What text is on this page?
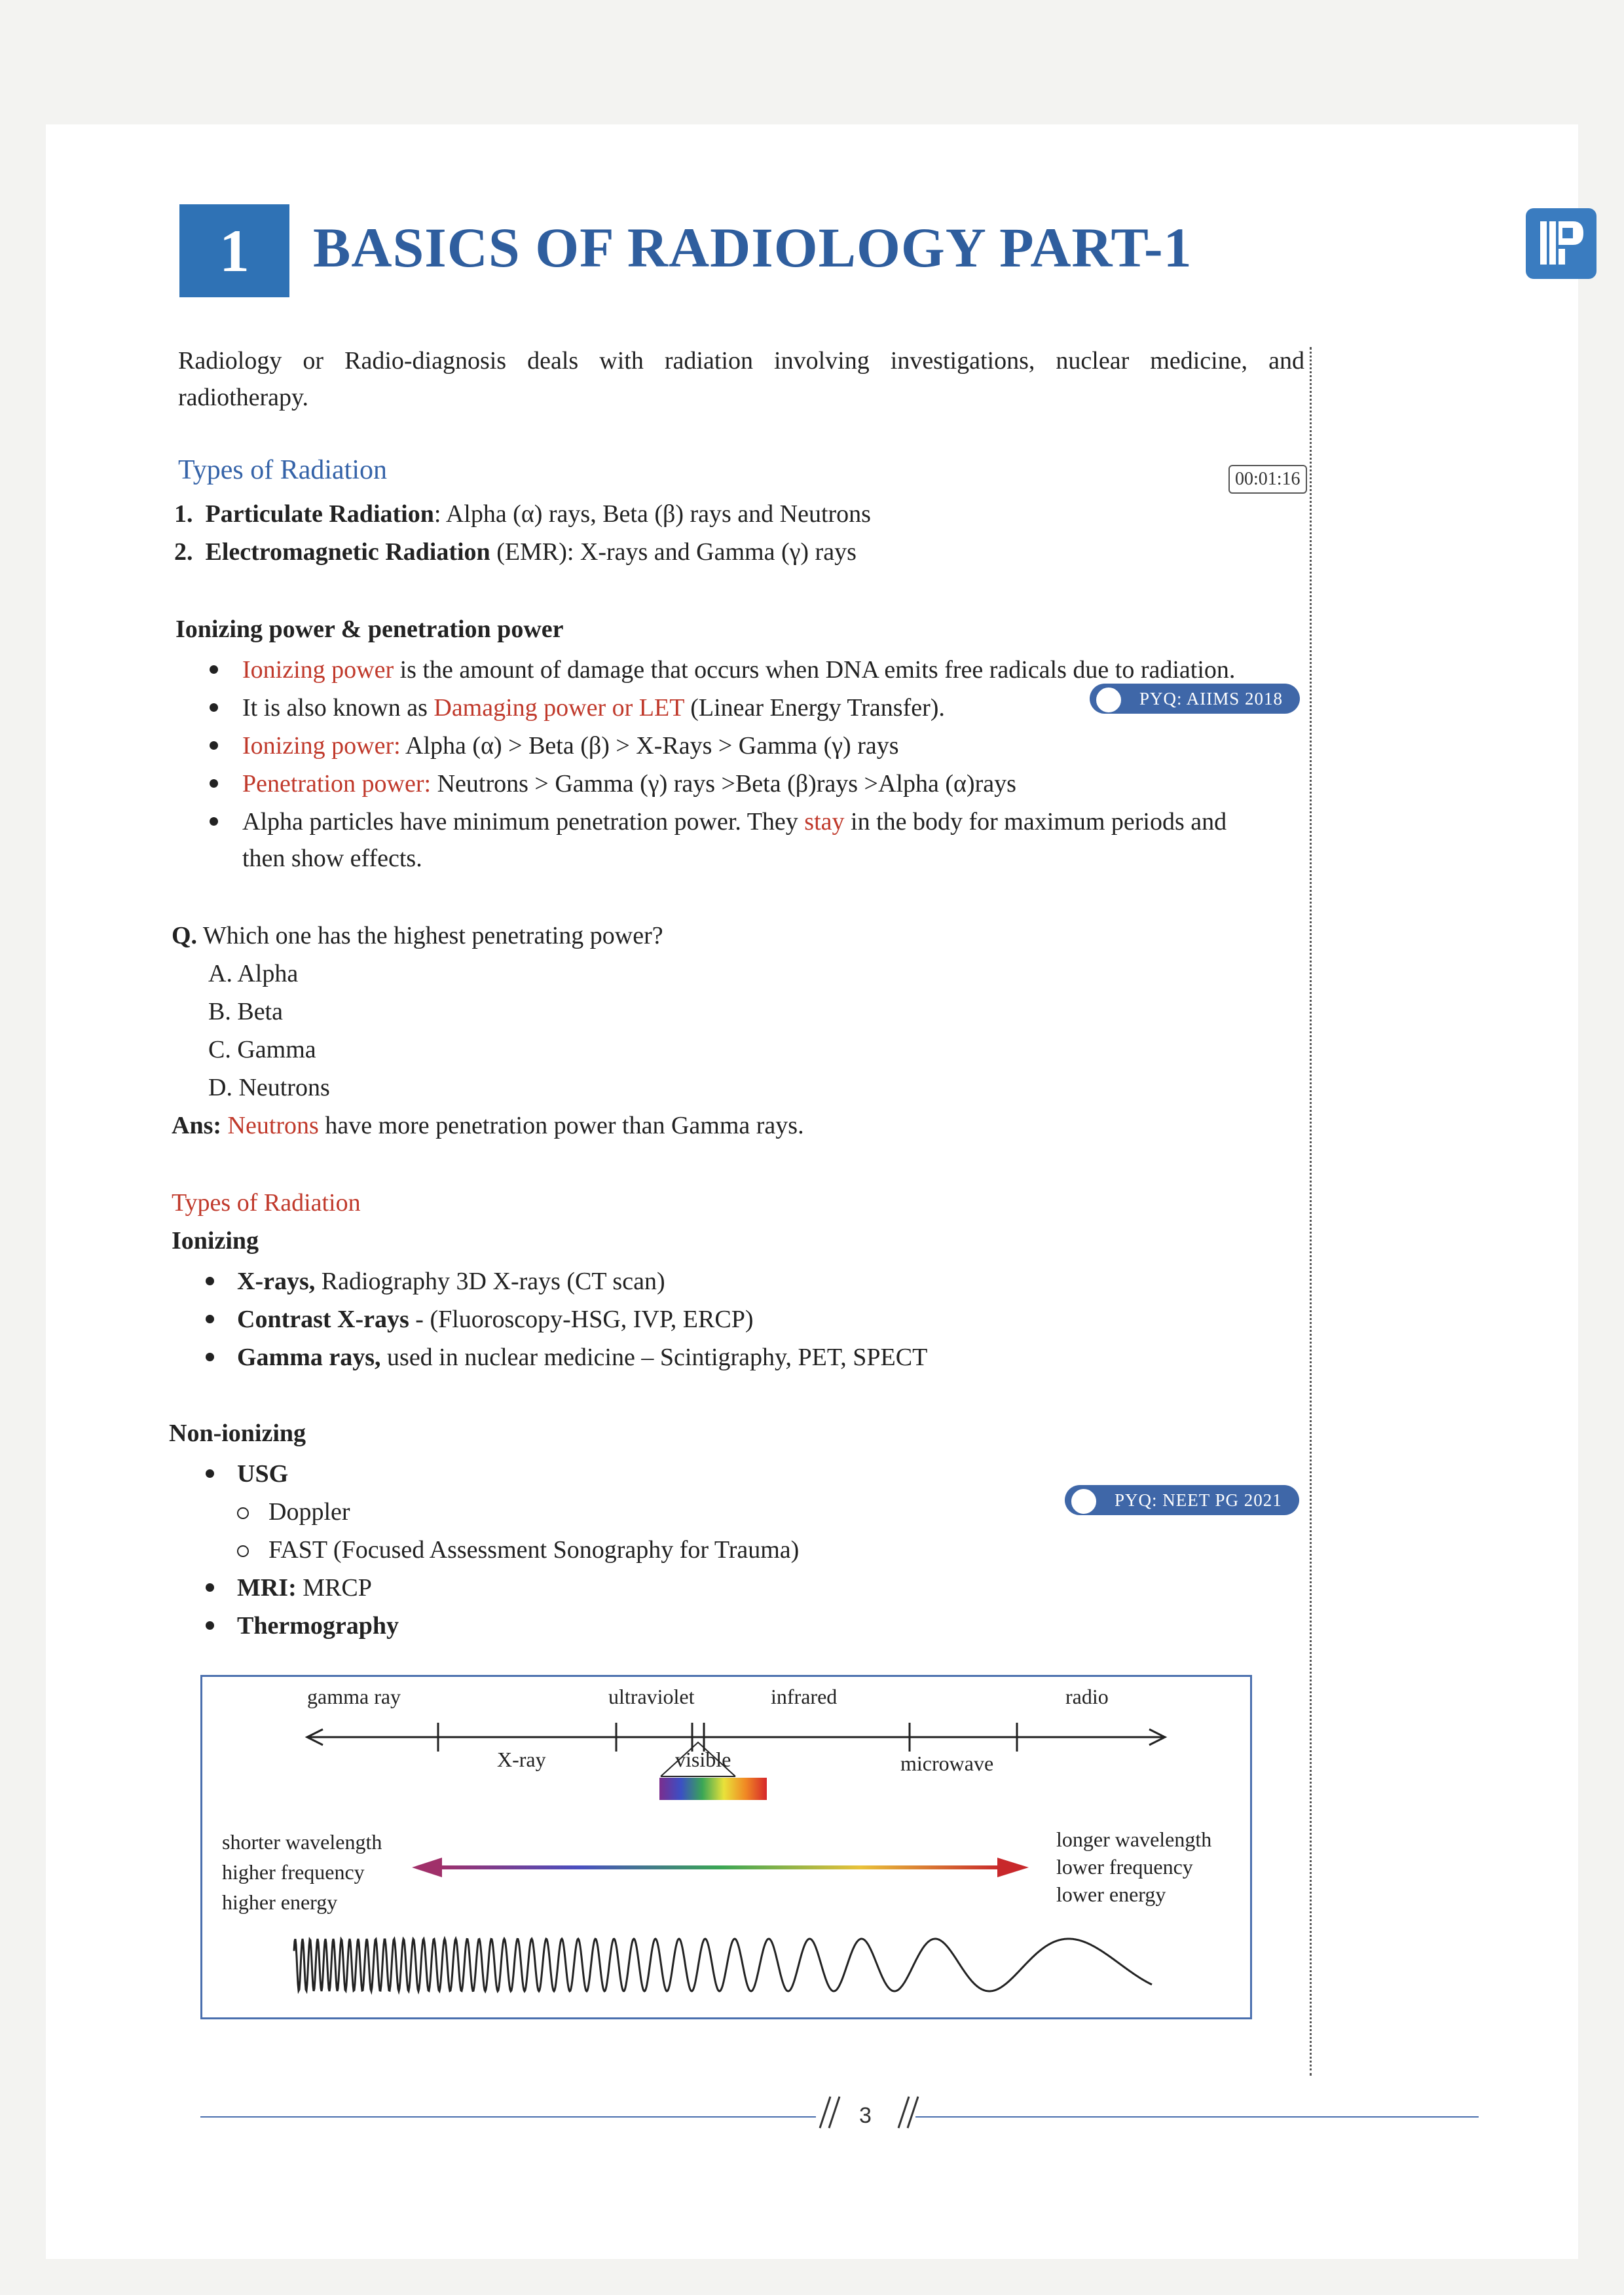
1	BASICS OF RADIOLOGY PART-1
Radiology or Radio-diagnosis deals with radiation involving investigations, nuclear medicine, and
radiotherapy.
Types of Radiation	00:01:16
1. Particulate Radiation: Alpha (α) rays, Beta (β) rays and Neutrons
2. Electromagnetic Radiation (EMR): X-rays and Gamma (γ) rays
Ionizing power & penetration power
Ionizing power is the amount of damage that occurs when DNA emits free radicals due to radiation.
It is also known as Damaging power or LET (Linear Energy Transfer).	PYQ: AIIMS 2018
Ionizing power: Alpha (α) > Beta (β) > X-Rays > Gamma (γ) rays
Penetration power: Neutrons > Gamma (γ) rays >Beta (β)rays >Alpha (α)rays
Alpha particles have minimum penetration power. They stay in the body for maximum periods and
then show effects.
Q. Which one has the highest penetrating power?
A. Alpha
B. Beta
C. Gamma
D. Neutrons
Ans: Neutrons have more penetration power than Gamma rays.
Types of Radiation
Ionizing
X-rays, Radiography 3D X-rays (CT scan)
Contrast X-rays - (Fluoroscopy-HSG, IVP, ERCP)
Gamma rays, used in nuclear medicine – Scintigraphy, PET, SPECT
Non-ionizing
USG
Doppler
FAST (Focused Assessment Sonography for Trauma)
PYQ: NEET PG 2021
MRI: MRCP
Thermography
gamma ray	ultraviolet	infrared	radio
X-ray	visible	microwave
shorter wavelength
higher frequency
higher energy
longer wavelength
lower frequency
lower energy
3
